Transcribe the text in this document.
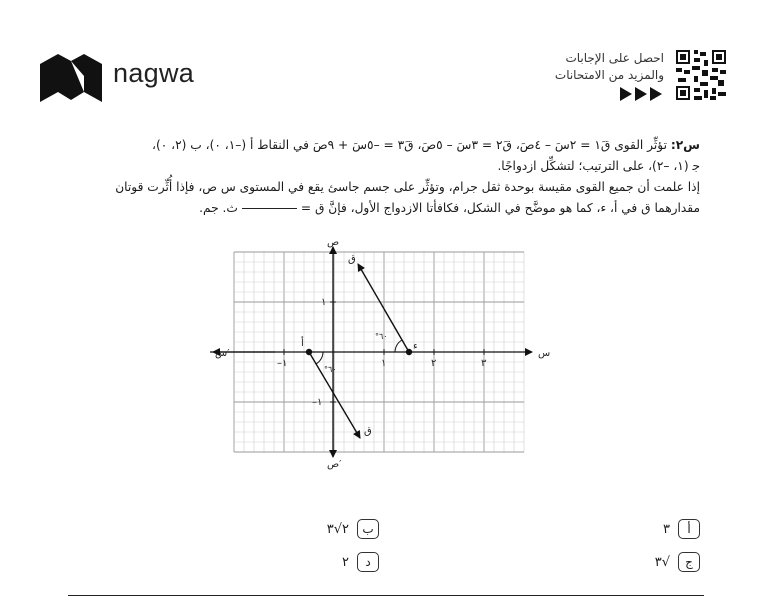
nagwa	احصل على الإجابات
والمزيد من الامتحانات

س٢: تؤثِّر القوى قَ١ = ٢سَ – ٤صَ، قَ٢ = ٣سَ – ٥صَ، قَ٣ = –٥سَ + ٩صَ في النقاط أ (–١، ٠)، ب (٢، ٠)،

ﺟ (١، –٢)، على الترتيب؛ لتشكِّل ازدواجًا.

إذا علمت أن جميع القوى مقيسة بوحدة ثقل جرام، وتؤثِّر على جسم جاسئ يقع في المستوى س ص، فإذا أُثِّرت قوتان

مقدارهما ق في أ، ء، كما هو موضَّح في الشكل، فكافأتا الازدواج الأول، فإنَّ ق =ث. جم.

س
س′
ص
ص′
–١	١	٢	٣
١
–١
أ	ء
ق
ق
°٦٠
°٦٠
أ
٣
ب
٢√٣
ج
√٣
د
٢
